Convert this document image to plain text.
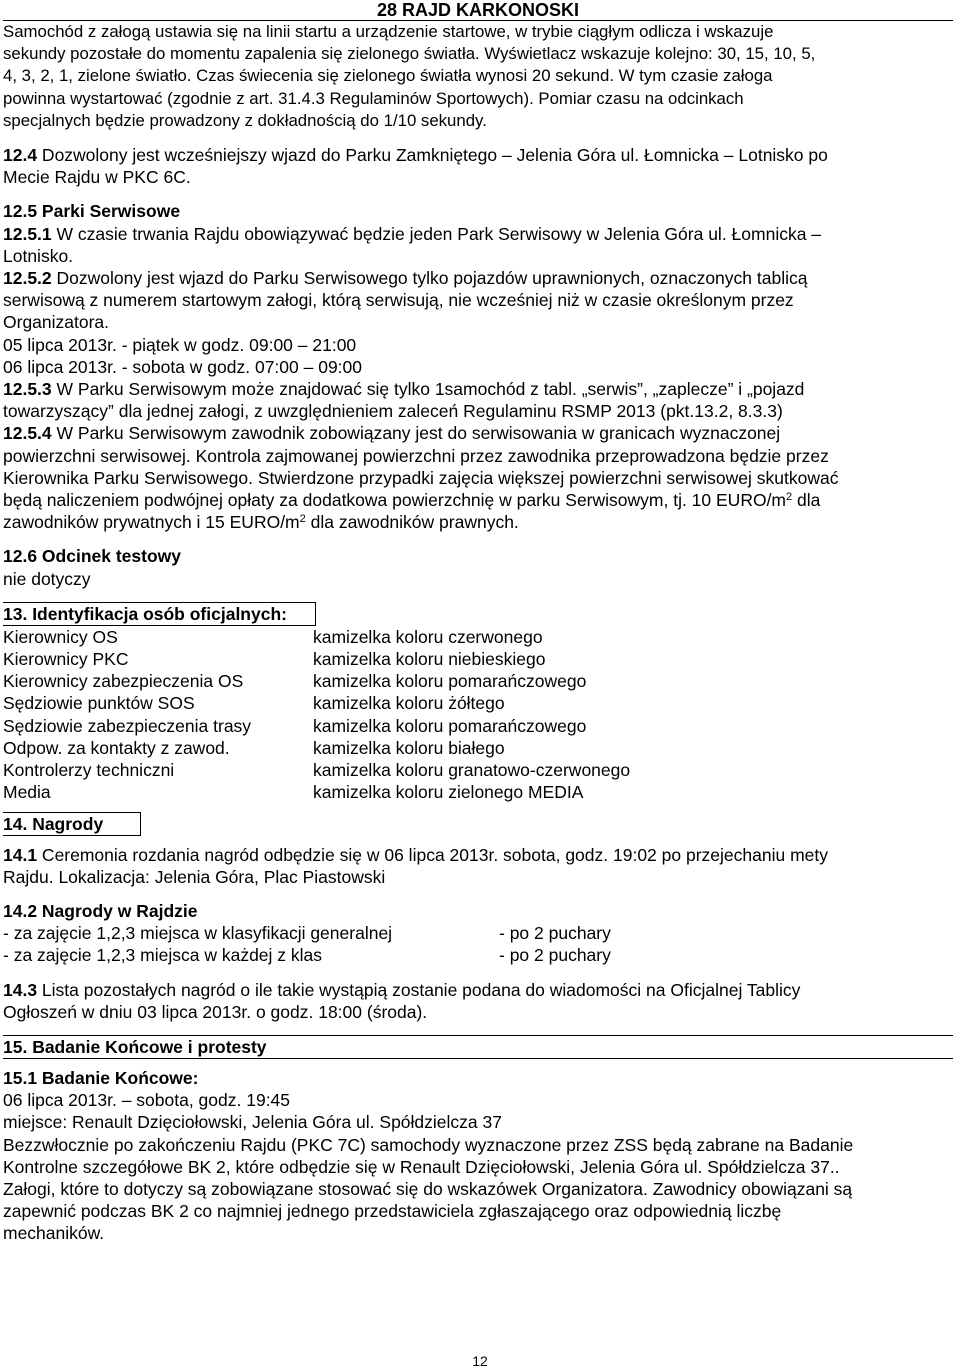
28 RAJD KARKONOSKI
Samochód z załogą ustawia się na linii startu a urządzenie startowe, w trybie ciągłym odlicza i wskazuje
sekundy pozostałe do momentu zapalenia się zielonego światła. Wyświetlacz wskazuje kolejno: 30, 15, 10, 5,
4, 3, 2, 1, zielone światło. Czas świecenia się zielonego światła wynosi 20 sekund. W tym czasie załoga
powinna wystartować (zgodnie z art. 31.4.3 Regulaminów Sportowych). Pomiar czasu na odcinkach
specjalnych będzie prowadzony z dokładnością do 1/10 sekundy.
12.4 Dozwolony jest wcześniejszy wjazd do Parku Zamkniętego – Jelenia Góra ul. Łomnicka – Lotnisko po
Mecie Rajdu w PKC 6C.
12.5 Parki Serwisowe
12.5.1 W czasie trwania Rajdu obowiązywać będzie jeden Park Serwisowy w Jelenia Góra ul. Łomnicka –
Lotnisko.
12.5.2 Dozwolony jest wjazd do Parku Serwisowego tylko pojazdów uprawnionych, oznaczonych tablicą
serwisową z numerem startowym załogi, którą serwisują, nie wcześniej niż w czasie określonym przez
Organizatora.
05 lipca 2013r. - piątek w godz. 09:00 – 21:00
06 lipca 2013r. - sobota w godz. 07:00 – 09:00
12.5.3 W Parku Serwisowym może znajdować się tylko 1samochód z tabl. „serwis”, „zaplecze” i „pojazd
towarzyszący” dla jednej załogi, z uwzględnieniem zaleceń Regulaminu RSMP 2013 (pkt.13.2, 8.3.3)
12.5.4 W Parku Serwisowym zawodnik zobowiązany jest do serwisowania w granicach wyznaczonej
powierzchni serwisowej. Kontrola zajmowanej powierzchni przez zawodnika przeprowadzona będzie przez
Kierownika Parku Serwisowego. Stwierdzone przypadki zajęcia większej powierzchni serwisowej skutkować
będą naliczeniem podwójnej opłaty za dodatkowa powierzchnię w parku Serwisowym, tj. 10 EURO/$m^2$ dla
zawodników prywatnych i 15 EURO/$m^2$ dla zawodników prawnych.
12.6 Odcinek testowy
nie dotyczy
13. Identyfikacja osób oficjalnych:
Kierownicy OS	kamizelka koloru czerwonego
Kierownicy PKC	kamizelka koloru niebieskiego
Kierownicy zabezpieczenia OS	kamizelka koloru pomarańczowego
Sędziowie punktów SOS	kamizelka koloru żółtego
Sędziowie zabezpieczenia trasy	kamizelka koloru pomarańczowego
Odpow. za kontakty z zawod.	kamizelka koloru białego
Kontrolerzy techniczni	kamizelka koloru granatowo-czerwonego
Media	kamizelka koloru zielonego MEDIA
14. Nagrody
14.1 Ceremonia rozdania nagród odbędzie się w 06 lipca 2013r. sobota, godz. 19:02 po przejechaniu mety
Rajdu. Lokalizacja: Jelenia Góra, Plac Piastowski
14.2 Nagrody w Rajdzie
- za zajęcie 1,2,3 miejsca w klasyfikacji generalnej	- po 2 puchary
- za zajęcie 1,2,3 miejsca w każdej z klas	- po 2 puchary
14.3 Lista pozostałych nagród o ile takie wystąpią zostanie podana do wiadomości na Oficjalnej Tablicy
Ogłoszeń w dniu 03 lipca 2013r. o godz. 18:00 (środa).
15. Badanie Końcowe i protesty
15.1 Badanie Końcowe:
06 lipca 2013r. – sobota, godz. 19:45
miejsce: Renault Dzięciołowski, Jelenia Góra ul. Spółdzielcza 37
Bezzwłocznie po zakończeniu Rajdu (PKC 7C) samochody wyznaczone przez ZSS będą zabrane na Badanie
Kontrolne szczegółowe BK 2, które odbędzie się w Renault Dzięciołowski, Jelenia Góra ul. Spółdzielcza 37..
Załogi, które to dotyczy są zobowiązane stosować się do wskazówek Organizatora. Zawodnicy obowiązani są
zapewnić podczas BK 2 co najmniej jednego przedstawiciela zgłaszającego oraz odpowiednią liczbę
mechaników.
12
